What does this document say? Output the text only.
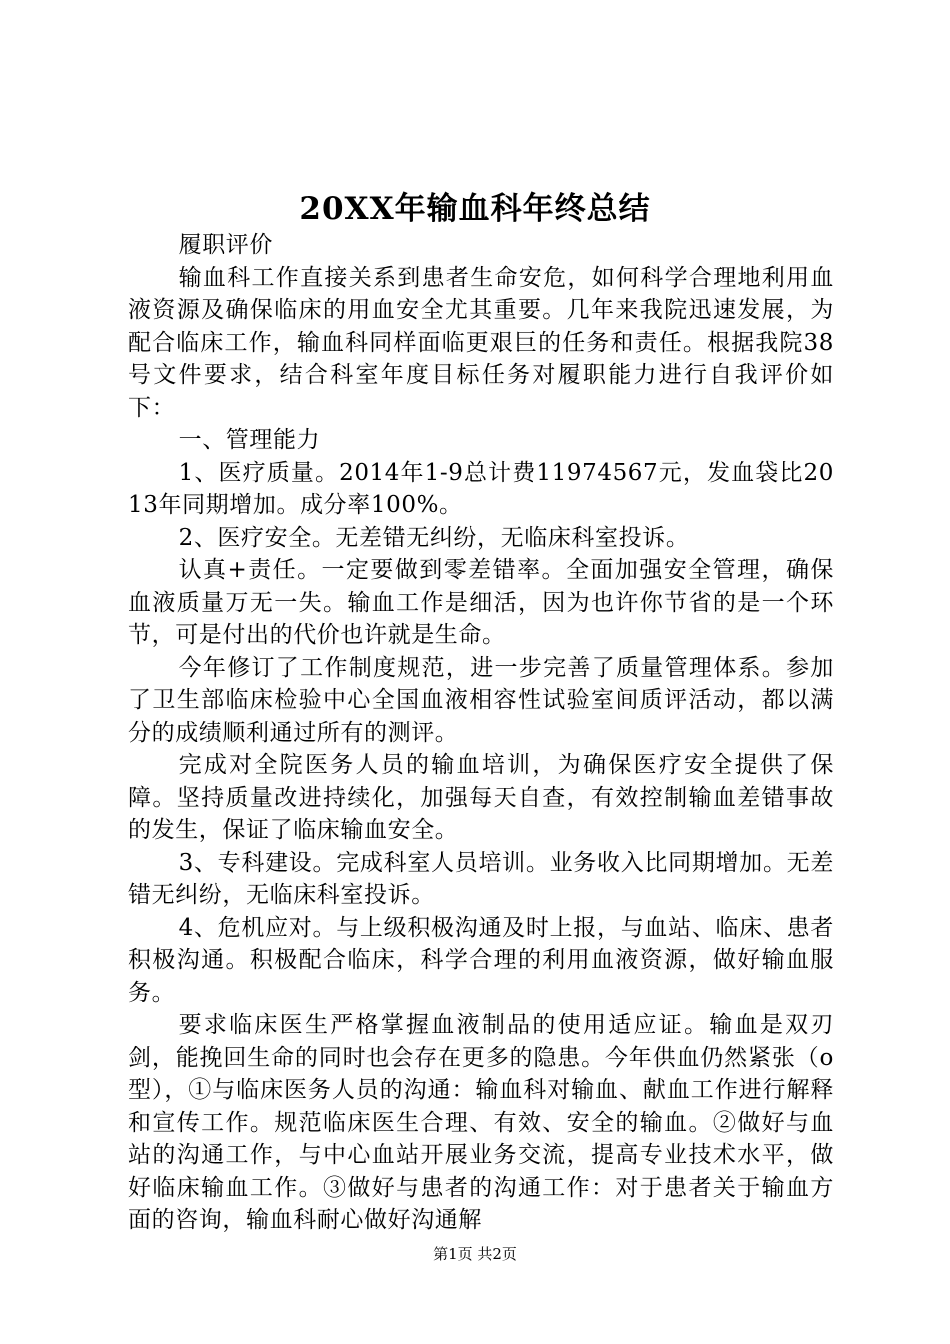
20XX年输血科年终总结

履职评价

输血科工作直接关系到患者生命安危，如何科学合理地利用血液资源及确保临床的用血安全尤其重要。几年来我院迅速发展，为配合临床工作，输血科同样面临更艰巨的任务和责任。根据我院38号文件要求，结合科室年度目标任务对履职能力进行自我评价如下：

一、管理能力

1、医疗质量。2014年1-9总计费11974567元，发血袋比2013年同期增加。成分率100%。

2、医疗安全。无差错无纠纷，无临床科室投诉。

认真+责任。一定要做到零差错率。全面加强安全管理，确保血液质量万无一失。输血工作是细活，因为也许你节省的是一个环节，可是付出的代价也许就是生命。

今年修订了工作制度规范，进一步完善了质量管理体系。参加了卫生部临床检验中心全国血液相容性试验室间质评活动，都以满分的成绩顺利通过所有的测评。

完成对全院医务人员的输血培训，为确保医疗安全提供了保障。坚持质量改进持续化，加强每天自查，有效控制输血差错事故的发生，保证了临床输血安全。

3、专科建设。完成科室人员培训。业务收入比同期增加。无差错无纠纷，无临床科室投诉。

4、危机应对。与上级积极沟通及时上报，与血站、临床、患者积极沟通。积极配合临床，科学合理的利用血液资源，做好输血服务。

要求临床医生严格掌握血液制品的使用适应证。输血是双刃剑，能挽回生命的同时也会存在更多的隐患。今年供血仍然紧张（o型），①与临床医务人员的沟通：输血科对输血、献血工作进行解释和宣传工作。规范临床医生合理、有效、安全的输血。②做好与血站的沟通工作，与中心血站开展业务交流，提高专业技术水平，做好临床输血工作。③做好与患者的沟通工作：对于患者关于输血方面的咨询，输血科耐心做好沟通解

第1页 共2页
